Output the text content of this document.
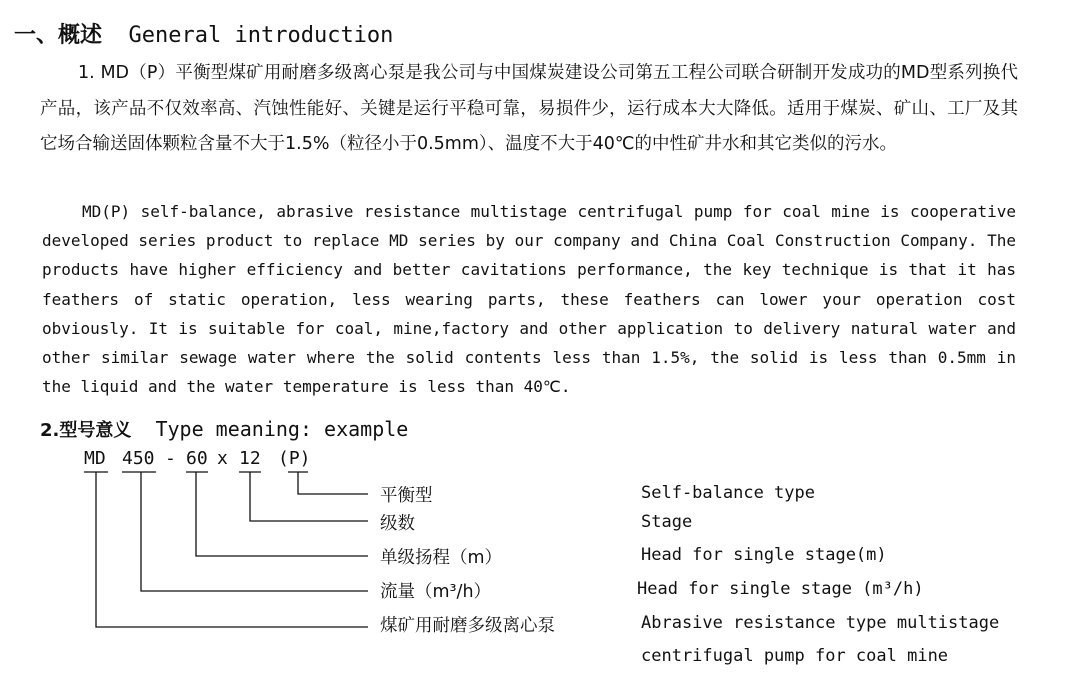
一、概述 General introduction
1. MD（P）平衡型煤矿用耐磨多级离心泵是我公司与中国煤炭建设公司第五工程公司联合研制开发成功的MD型系列换代产品，该产品不仅效率高、汽蚀性能好、关键是运行平稳可靠，易损件少，运行成本大大降低。适用于煤炭、矿山、工厂及其它场合输送固体颗粒含量不大于1.5%（粒径小于0.5mm）、温度不大于40℃的中性矿井水和其它类似的污水。
MD(P) self-balance, abrasive resistance multistage centrifugal pump for coal mine is cooperative developed series product to replace MD series by our company and China Coal Construction Company. The products have higher efficiency and better cavitations performance, the key technique is that it has feathers of static operation, less wearing parts, these feathers can lower your operation cost obviously. It is suitable for coal, mine,factory and other application to delivery natural water and other similar sewage water where the solid contents less than 1.5%, the solid is less than 0.5mm in the liquid and the water temperature is less than 40℃.
2.型号意义 Type meaning: example
MD 450 - 60 x 12 (P)
平衡型	Self-balance type
级数	Stage
单级扬程（m）	Head for single stage(m)
流量（m³/h）	Head for single stage (m³/h)
煤矿用耐磨多级离心泵	Abrasive resistance type multistage
centrifugal pump for coal mine
